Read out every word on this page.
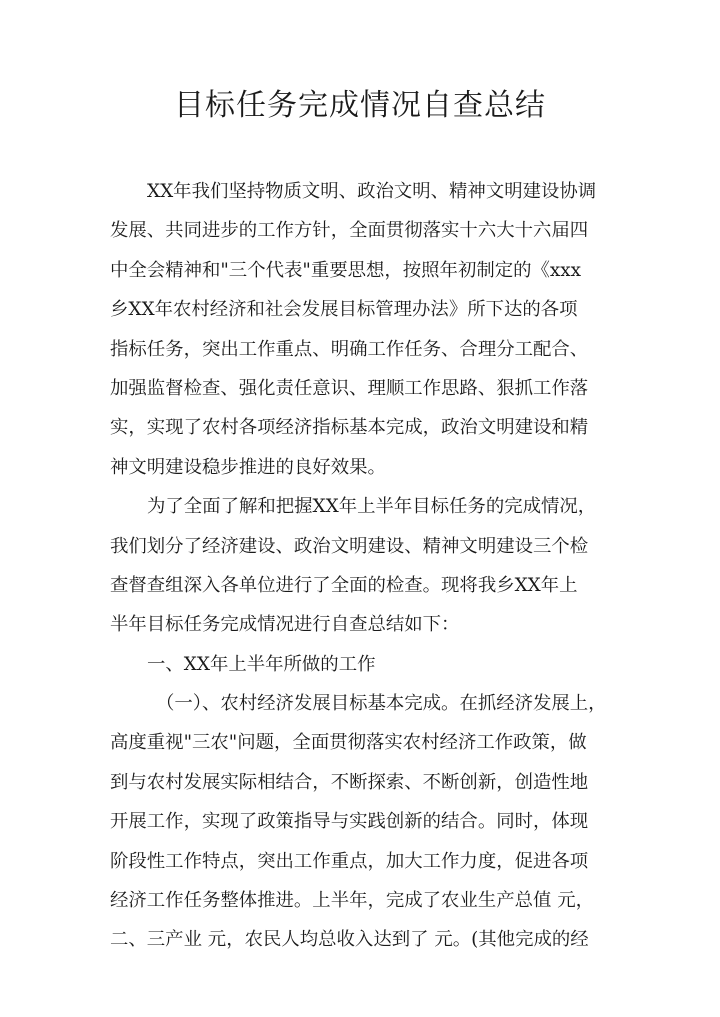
目标任务完成情况自查总结
XX年我们坚持物质文明、政治文明、精神文明建设协调
发展、共同进步的工作方针，全面贯彻落实十六大十六届四
中全会精神和"三个代表"重要思想，按照年初制定的《xxx
乡XX年农村经济和社会发展目标管理办法》所下达的各项
指标任务，突出工作重点、明确工作任务、合理分工配合、
加强监督检查、强化责任意识、理顺工作思路、狠抓工作落
实，实现了农村各项经济指标基本完成，政治文明建设和精
神文明建设稳步推进的良好效果。
为了全面了解和把握XX年上半年目标任务的完成情况，
我们划分了经济建设、政治文明建设、精神文明建设三个检
查督查组深入各单位进行了全面的检查。现将我乡XX年上
半年目标任务完成情况进行自查总结如下：
一、XX年上半年所做的工作
（一）、农村经济发展目标基本完成。在抓经济发展上，
高度重视"三农"问题，全面贯彻落实农村经济工作政策，做
到与农村发展实际相结合，不断探索、不断创新，创造性地
开展工作，实现了政策指导与实践创新的结合。同时，体现
阶段性工作特点，突出工作重点，加大工作力度，促进各项
经济工作任务整体推进。上半年，完成了农业生产总值 元，
二、三产业 元，农民人均总收入达到了 元。(其他完成的经
